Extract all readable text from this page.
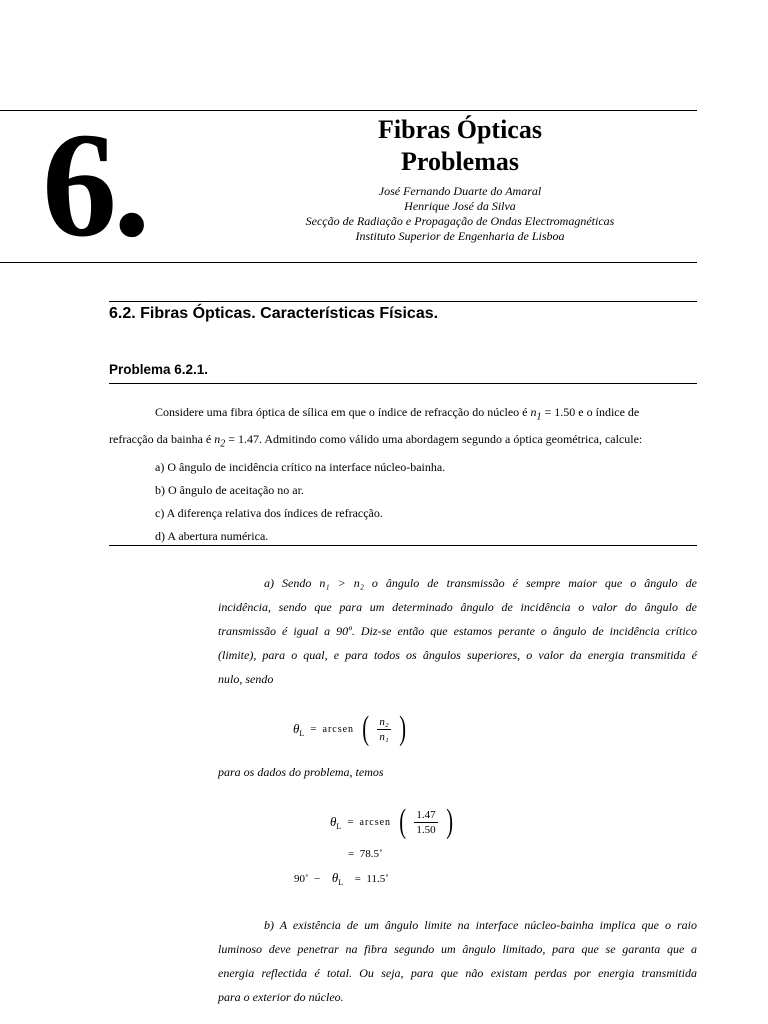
6.	Fibras Ópticas
Problemas
José Fernando Duarte do Amaral
Henrique José da Silva
Secção de Radiação e Propagação de Ondas Electromagnéticas
Instituto Superior de Engenharia de Lisboa
6.2. Fibras Ópticas. Características Físicas.
Problema 6.2.1.
Considere uma fibra óptica de sílica em que o índice de refracção do núcleo é $n_1 = 1.50$ e o índice de
refracção da bainha é $n_2 = 1.47$. Admitindo como válido uma abordagem segundo a óptica geométrica, calcule:
a) O ângulo de incidência crítico na interface núcleo-bainha.
b) O ângulo de aceitação no ar.
c) A diferença relativa dos índices de refracção.
d) A abertura numérica.
a) Sendo n₁ > n₂ o ângulo de transmissão é sempre maior que o ângulo de
incidência, sendo que para um determinado ângulo de incidência o valor do ângulo de
transmissão é igual a 90º. Diz-se então que estamos perante o ângulo de incidência crítico
(limite), para o qual, e para todos os ângulos superiores, o valor da energia transmitida é
nulo, sendo
$\theta_L$ = arcsen ( $\frac{\text{n₂}}{\text{n₁}}$ )
para os dados do problema, temos
$\theta_L$ = arcsen ( $\frac{1.47}{1.50}$ )
=  78.5˚
90˚  − $\theta_L$ =  11.5˚
b) A existência de um ângulo limite na interface núcleo-bainha implica que o raio
luminoso deve penetrar na fibra segundo um ângulo limitado, para que se garanta que a
energia reflectida é total. Ou seja, para que não existam perdas por energia transmitida
para o exterior do núcleo.
